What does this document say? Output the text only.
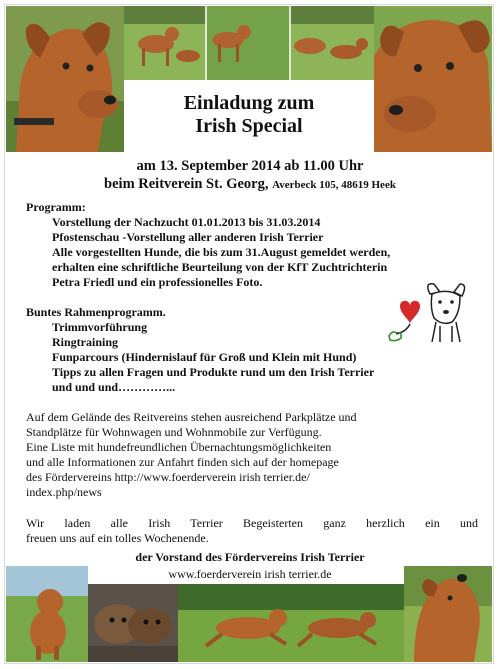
Einladung zum
Irish Special
am 13. September 2014 ab 11.00 Uhr
beim Reitverein St. Georg, Averbeck 105, 48619 Heek
Programm:
Vorstellung der Nachzucht 01.01.2013 bis 31.03.2014
Pfostenschau -Vorstellung aller anderen Irish Terrier
Alle vorgestellten Hunde, die bis zum 31.August gemeldet werden,
erhalten eine schriftliche Beurteilung von der KfT Zuchtrichterin
Petra Friedl und ein professionelles Foto.
Buntes Rahmenprogramm.
Trimmvorführung
Ringtraining
Funparcours (Hindernislauf für Groß und Klein mit Hund)
Tipps zu allen Fragen und Produkte rund um den Irish Terrier
und und und…………...

Auf dem Gelände des Reitvereins stehen ausreichend Parkplätze und

Standplätze für Wohnwagen und Wohnmobile zur Verfügung.

Eine Liste mit hundefreundlichen Übernachtungsmöglichkeiten

und alle Informationen zur Anfahrt finden sich auf der homepage

des Fördervereins http://www.foerderverein irish terrier.de/

index.php/news

Wir laden alle Irish Terrier Begeisterten ganz herzlich ein und

freuen uns auf ein tolles Wochenende.

der Vorstand des Fördervereins Irish Terrier
www.foerderverein irish terrier.de
